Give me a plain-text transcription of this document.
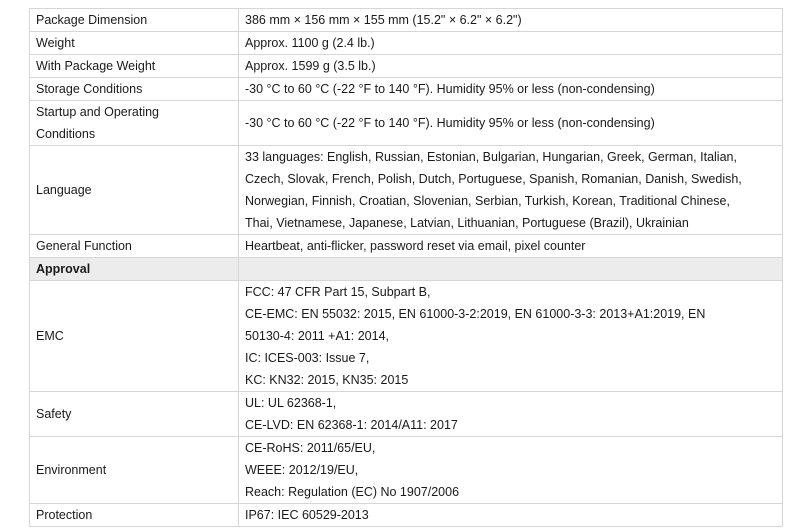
Package Dimension	386 mm × 156 mm × 155 mm (15.2" × 6.2" × 6.2")
Weight	Approx. 1100 g (2.4 lb.)
With Package Weight	Approx. 1599 g (3.5 lb.)
Storage Conditions	-30 °C to 60 °C (-22 °F to 140 °F). Humidity 95% or less (non-condensing)
Startup and Operating
Conditions	-30 °C to 60 °C (-22 °F to 140 °F). Humidity 95% or less (non-condensing)
Language	33 languages: English, Russian, Estonian, Bulgarian, Hungarian, Greek, German, Italian,
Czech, Slovak, French, Polish, Dutch, Portuguese, Spanish, Romanian, Danish, Swedish,
Norwegian, Finnish, Croatian, Slovenian, Serbian, Turkish, Korean, Traditional Chinese,
Thai, Vietnamese, Japanese, Latvian, Lithuanian, Portuguese (Brazil), Ukrainian
General Function	Heartbeat, anti-flicker, password reset via email, pixel counter
Approval	
EMC	FCC: 47 CFR Part 15, Subpart B,
CE-EMC: EN 55032: 2015, EN 61000-3-2:2019, EN 61000-3-3: 2013+A1:2019, EN
50130-4: 2011 +A1: 2014,
IC: ICES-003: Issue 7,
KC: KN32: 2015, KN35: 2015
Safety	UL: UL 62368-1,
CE-LVD: EN 62368-1: 2014/A11: 2017
Environment	CE-RoHS: 2011/65/EU,
WEEE: 2012/19/EU,
Reach: Regulation (EC) No 1907/2006
Protection	IP67: IEC 60529-2013
